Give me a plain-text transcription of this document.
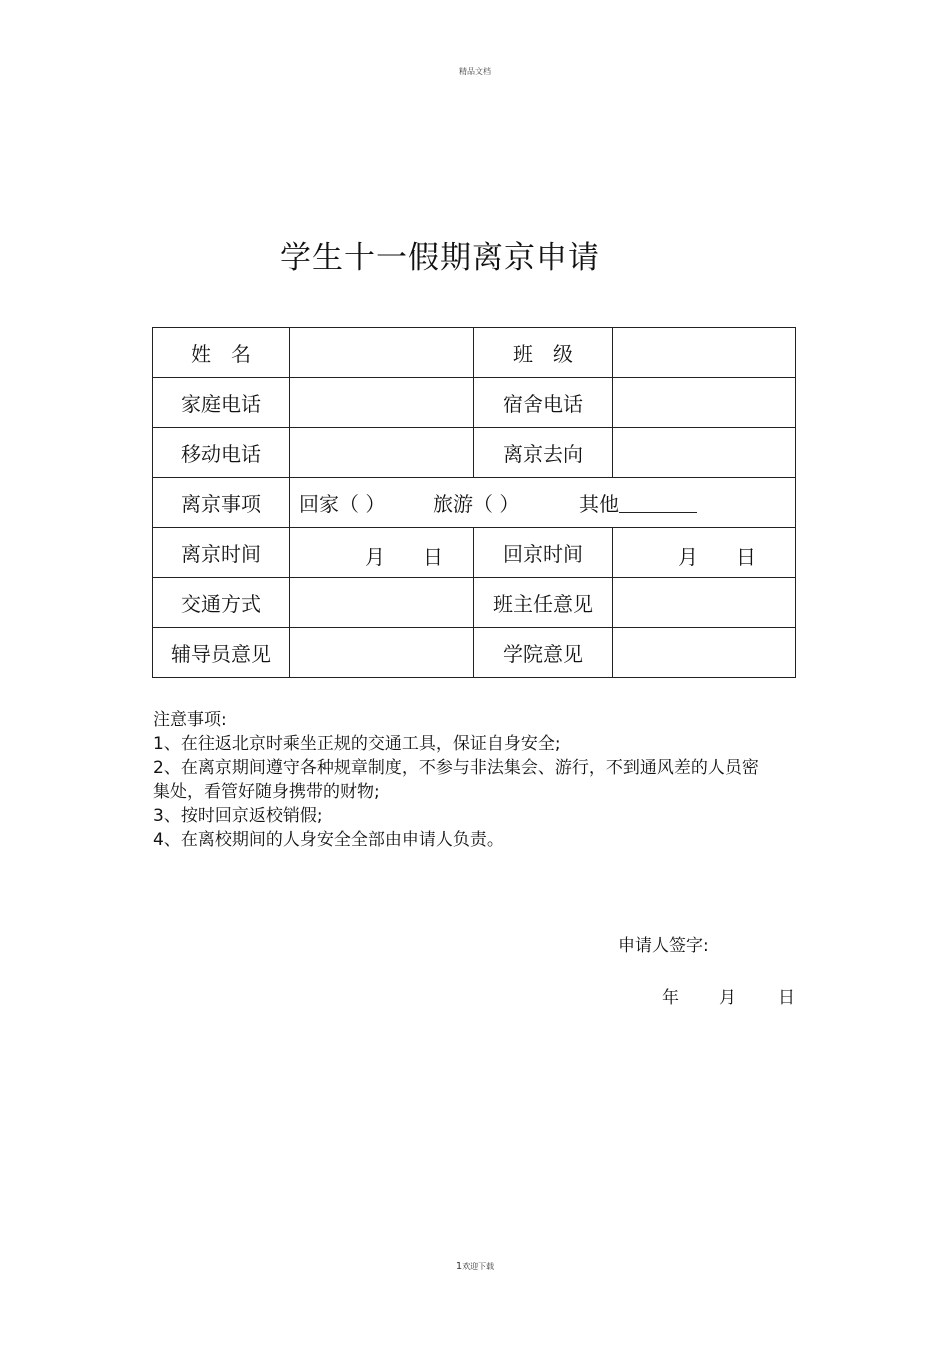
精品文档
学生十一假期离京申请
姓　名		班　级	
家庭电话		宿舍电话	
移动电话		离京去向	
离京事项	回家（ ） 旅游（ ） 其他		
离京时间	月 日	回京时间	月 日

交通方式		班主任意见	
辅导员意见		学院意见	
注意事项:
1、在往返北京时乘坐正规的交通工具，保证自身安全;
2、在离京期间遵守各种规章制度，不参与非法集会、游行，不到通风差的人员密
集处，看管好随身携带的财物;
3、按时回京返校销假;
4、在离校期间的人身安全全部由申请人负责。
申请人签字:
年 月 日
1欢迎下载
